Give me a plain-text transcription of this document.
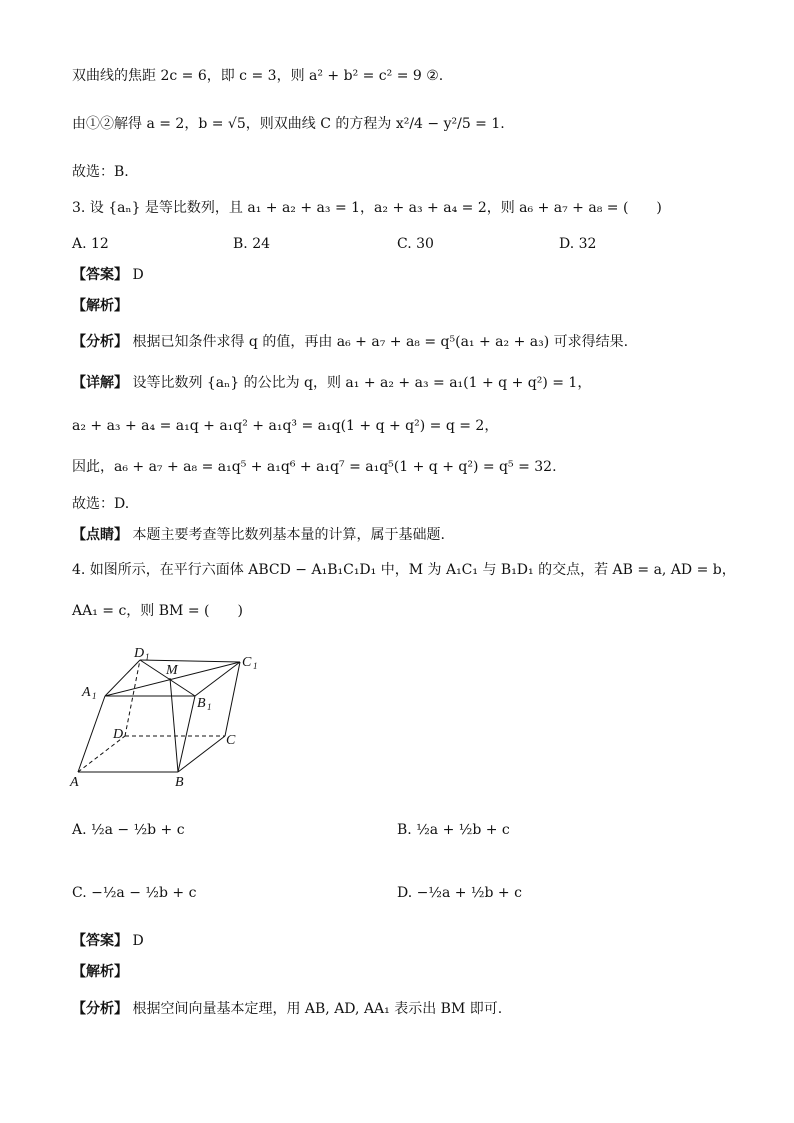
双曲线的焦距 2c = 6，即 c = 3，则 a² + b² = c² = 9 ②.
由①②解得 a = 2，b = √5，则双曲线 C 的方程为 x²/4 − y²/5 = 1.
故选：B.
3. 设 {aₙ} 是等比数列，且 a₁ + a₂ + a₃ = 1，a₂ + a₃ + a₄ = 2，则 a₆ + a₇ + a₈ = (　　)
A. 12	B. 24	C. 30	D. 32
【 答案 】 D
【 解析 】
【 分析 】 根据已知条件求得 q 的值，再由 a₆ + a₇ + a₈ = q⁵(a₁ + a₂ + a₃) 可求得结果.
【 详解 】 设等比数列 {aₙ} 的公比为 q，则 a₁ + a₂ + a₃ = a₁(1 + q + q²) = 1，
a₂ + a₃ + a₄ = a₁q + a₁q² + a₁q³ = a₁q(1 + q + q²) = q = 2，
因此，a₆ + a₇ + a₈ = a₁q⁵ + a₁q⁶ + a₁q⁷ = a₁q⁵(1 + q + q²) = q⁵ = 32.
故选：D.
【 点睛 】 本题主要考查等比数列基本量的计算，属于基础题.
4. 如图所示，在平行六面体 ABCD − A₁B₁C₁D₁ 中，M 为 A₁C₁ 与 B₁D₁ 的交点，若 AB = a, AD = b，
AA₁ = c，则 BM = (　　)
A	B
C
D
A 1	B 1
C 1
D 1
M
A. ½a − ½b + c	B. ½a + ½b + c
C. −½a − ½b + c	D. −½a + ½b + c
【 答案 】 D
【 解析 】
【 分析 】 根据空间向量基本定理，用 AB, AD, AA₁ 表示出 BM 即可.
